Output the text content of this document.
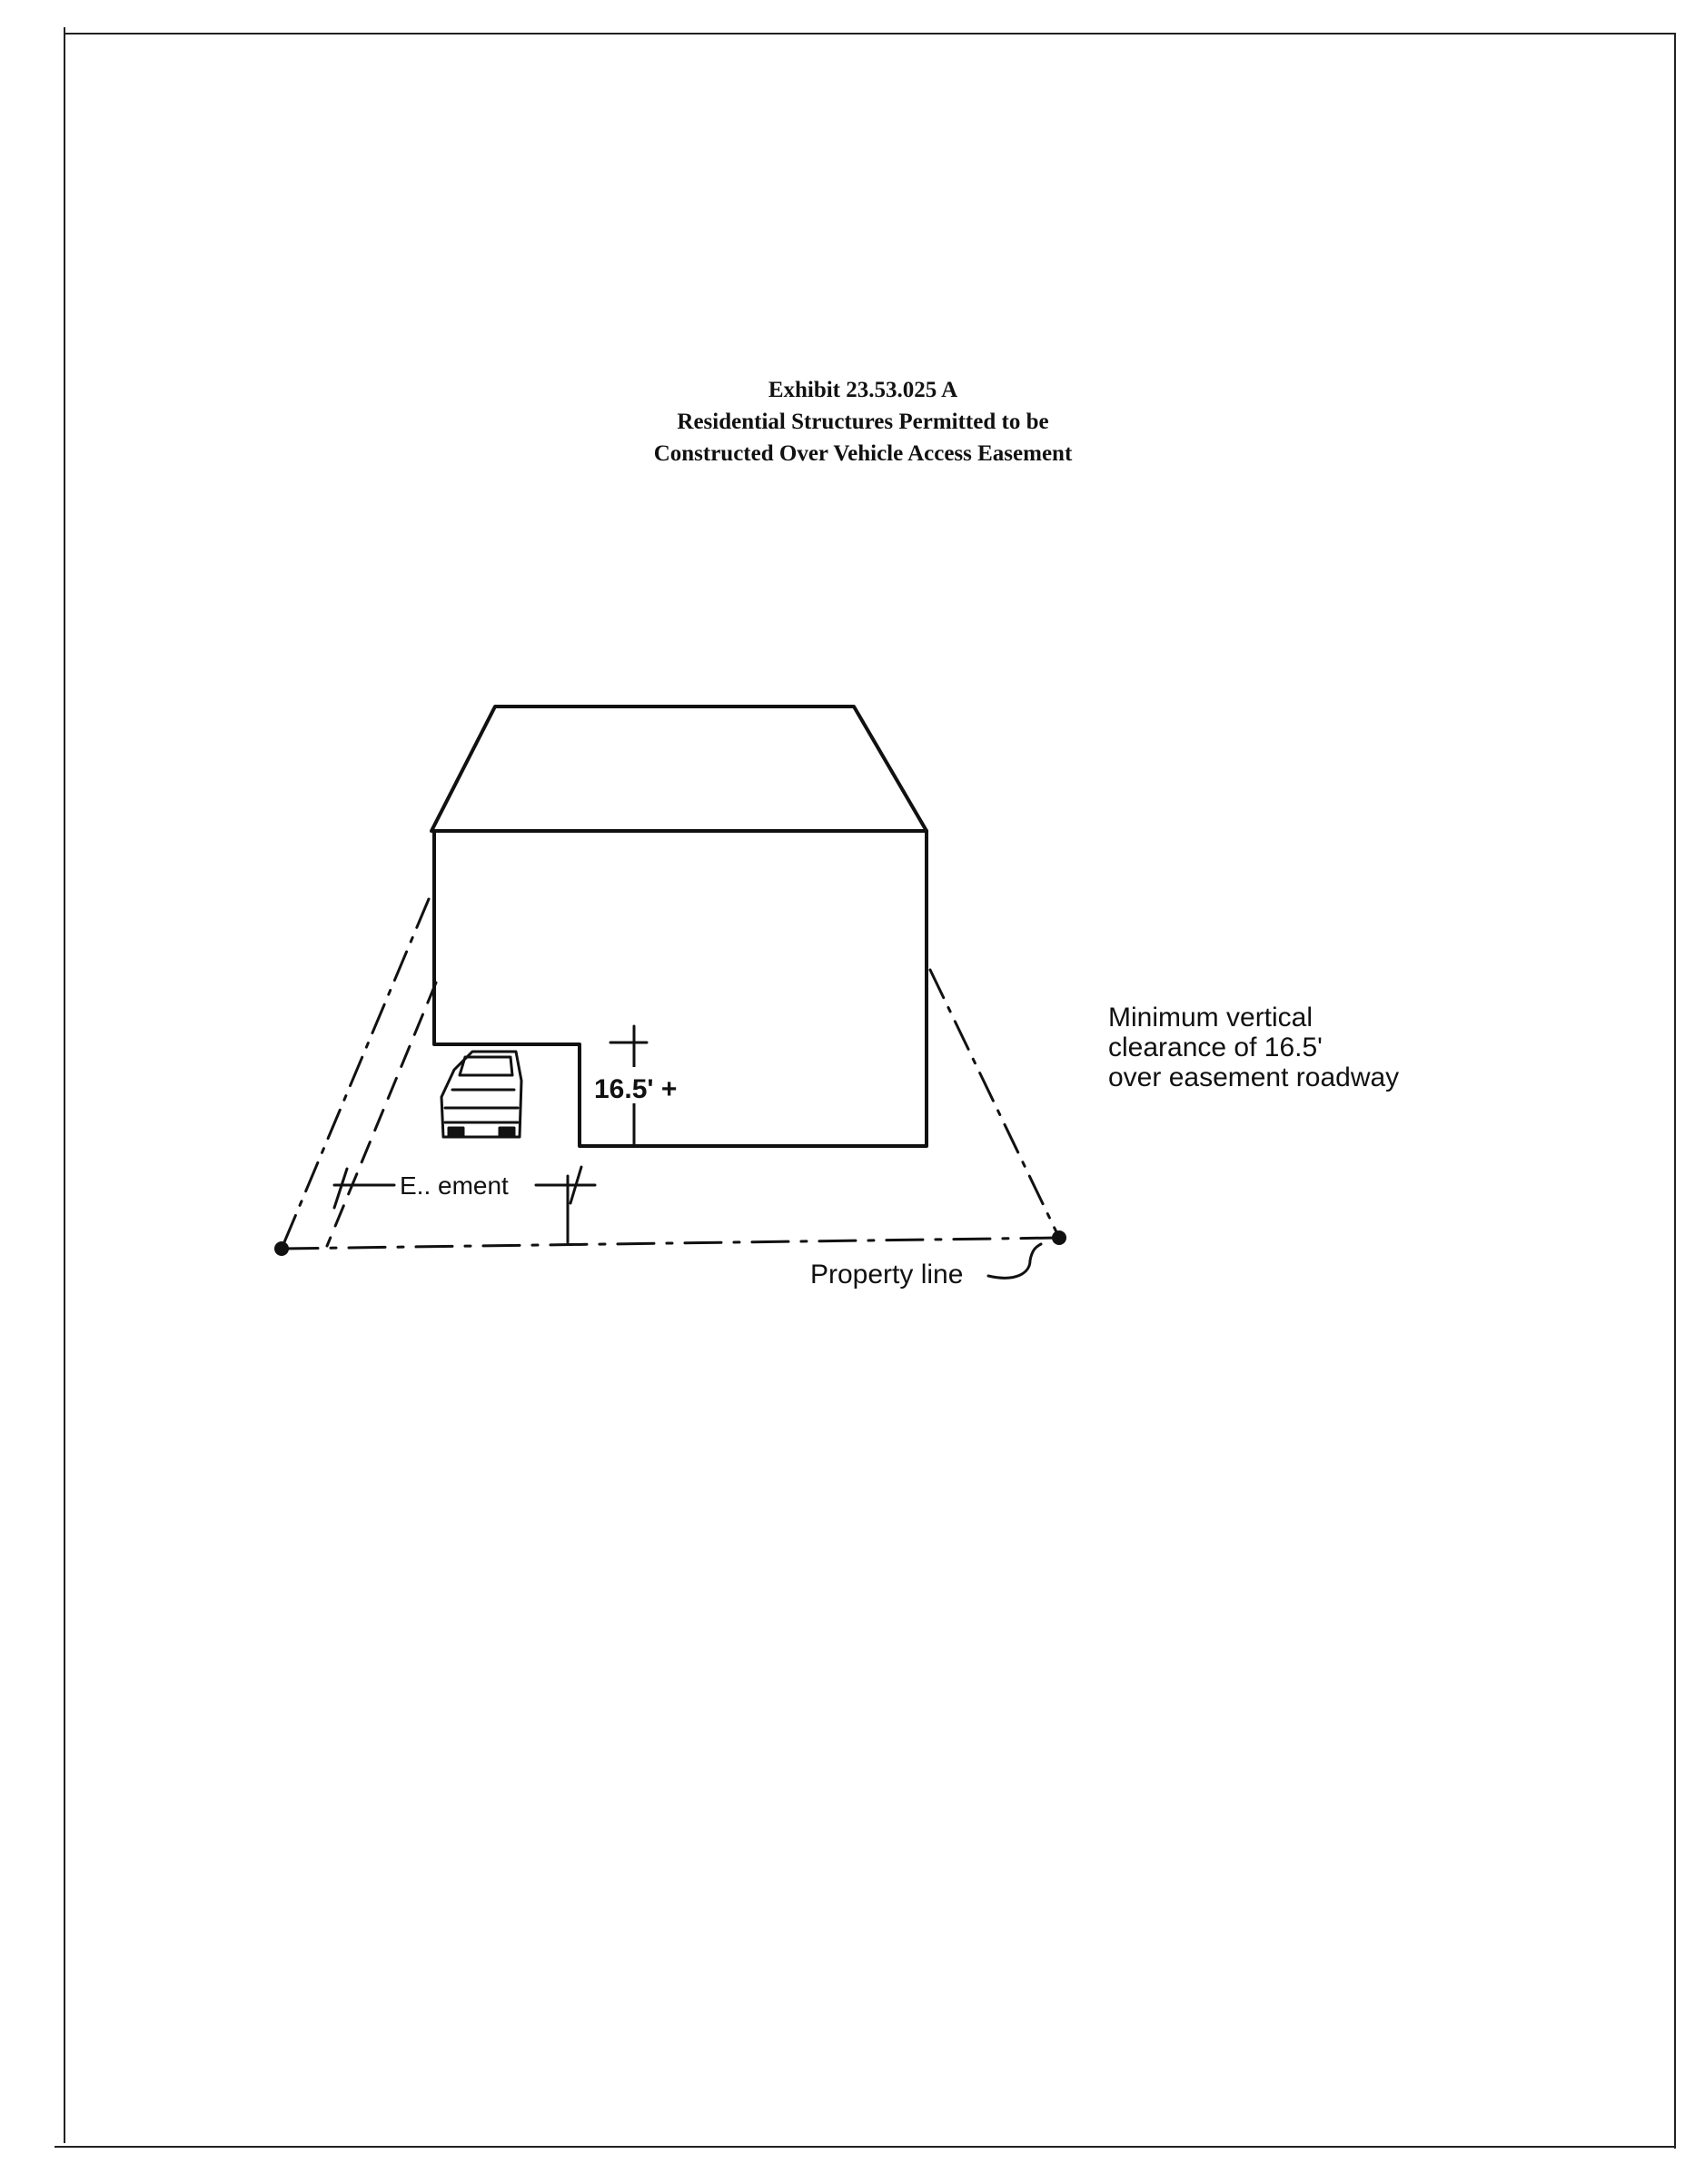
Exhibit 23.53.025 A
Residential Structures Permitted to be
Constructed Over Vehicle Access Easement
16.5' +
E.. ement
Property line
Minimum vertical
clearance of 16.5'
over easement roadway
